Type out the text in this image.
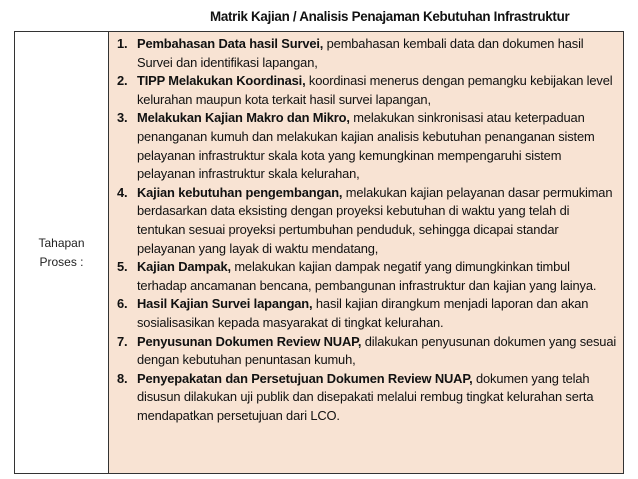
Matrik Kajian / Analisis Penajaman Kebutuhan Infrastruktur
Tahapan Proses :
1. Pembahasan Data hasil Survei, pembahasan kembali data dan dokumen hasil Survei dan identifikasi lapangan,
2. TIPP Melakukan Koordinasi, koordinasi menerus dengan pemangku kebijakan level kelurahan maupun kota terkait hasil survei lapangan,
3. Melakukan Kajian Makro dan Mikro, melakukan sinkronisasi atau keterpaduan penanganan kumuh dan melakukan kajian analisis kebutuhan penanganan sistem pelayanan infrastruktur skala kota yang kemungkinan mempengaruhi sistem pelayanan infrastruktur skala kelurahan,
4. Kajian kebutuhan pengembangan, melakukan kajian pelayanan dasar permukiman berdasarkan data eksisting dengan proyeksi kebutuhan di waktu yang telah di tentukan sesuai proyeksi pertumbuhan penduduk, sehingga dicapai standar pelayanan yang layak di waktu mendatang,
5. Kajian Dampak, melakukan kajian dampak negatif yang dimungkinkan timbul terhadap ancamanan bencana, pembangunan infrastruktur dan kajian yang lainya.
6. Hasil Kajian Survei lapangan, hasil kajian dirangkum menjadi laporan dan akan sosialisasikan kepada masyarakat di tingkat kelurahan.
7. Penyusunan Dokumen Review NUAP, dilakukan penyusunan dokumen yang sesuai dengan kebutuhan penuntasan kumuh,
8. Penyepakatan dan Persetujuan Dokumen Review NUAP, dokumen yang telah disusun dilakukan uji publik dan disepakati melalui rembug tingkat kelurahan serta mendapatkan persetujuan dari LCO.
